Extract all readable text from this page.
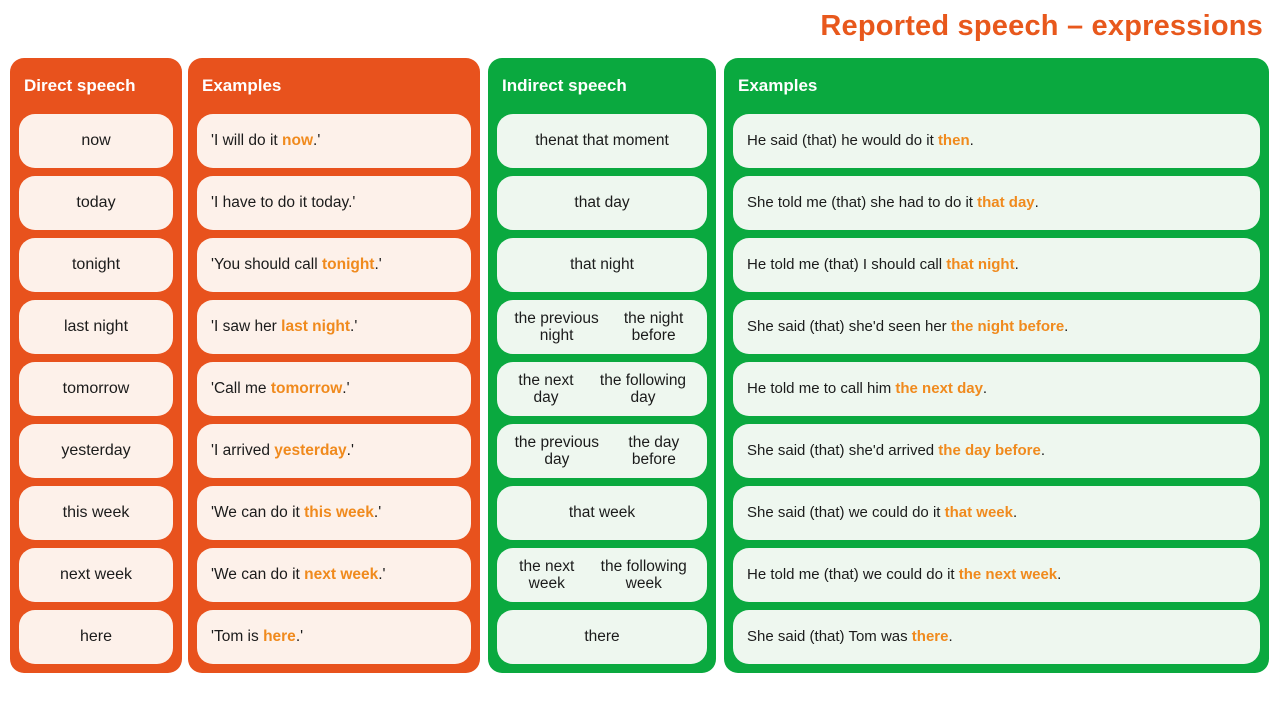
Reported speech – expressions
Direct speech
now
today
tonight
last night
tomorrow
yesterday
this week
next week
here
Examples
'I will do it now.'
'I have to do it today.'
'You should call tonight.'
'I saw her last night.'
'Call me tomorrow.'
'I arrived yesterday.'
'We can do it this week.'
'We can do it next week.'
'Tom is here.'
Indirect speech
then at that moment
that day
that night
the previous night
the night before
the next day
the following day
the previous day
the day before
that week
the next week
the following week
there
Examples
He said (that) he would do it then.
She told me (that) she had to do it that day.
He told me (that) I should call that night.
She said (that) she'd seen her the night before.
He told me to call him the next day.
She said (that) she'd arrived the day before.
She said (that) we could do it that week.
He told me (that) we could do it the next week.
She said (that) Tom was there.
